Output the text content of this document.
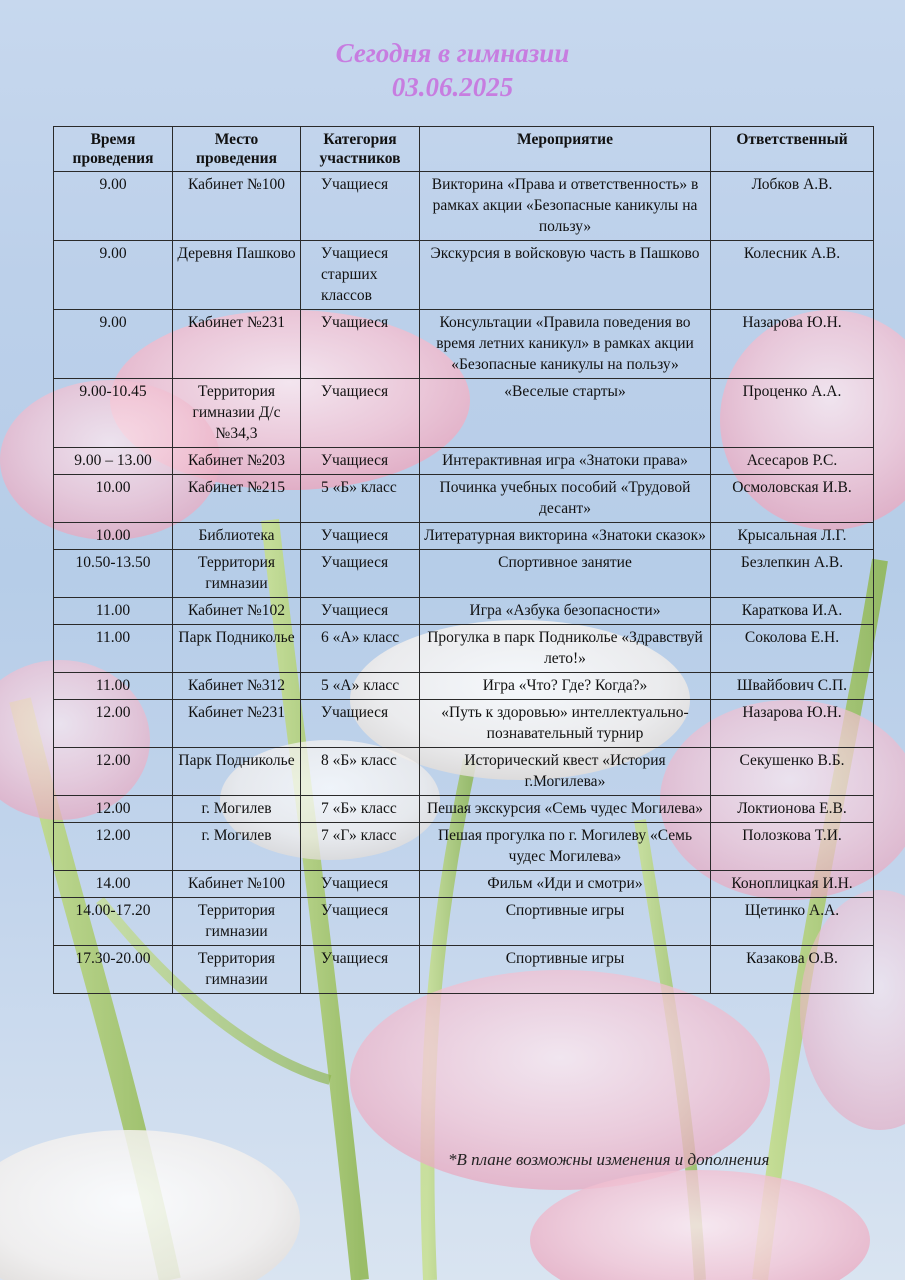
Сегодня в гимназии
03.06.2025
Время проведения	Место проведения	Категория участников	Мероприятие	Ответственный
9.00	Кабинет №100	Учащиеся	Викторина «Права и ответственность» в рамках акции «Безопасные каникулы на пользу»	Лобков А.В.
9.00	Деревня Пашково	Учащиеся старших классов	Экскурсия в войсковую часть в Пашково	Колесник А.В.
9.00	Кабинет №231	Учащиеся	Консультации «Правила поведения во время летних каникул» в рамках акции «Безопасные каникулы на пользу»	Назарова Ю.Н.
9.00-10.45	Территория гимназии Д/с №34,3	Учащиеся	«Веселые старты»	Проценко А.А.
9.00 – 13.00	Кабинет №203	Учащиеся	Интерактивная игра «Знатоки права»	Асесаров Р.С.
10.00	Кабинет №215	5 «Б» класс	Починка учебных пособий «Трудовой десант»	Осмоловская И.В.
10.00	Библиотека	Учащиеся	Литературная викторина «Знатоки сказок»	Крысальная Л.Г.
10.50-13.50	Территория гимназии	Учащиеся	Спортивное занятие	Безлепкин А.В.
11.00	Кабинет №102	Учащиеся	Игра «Азбука безопасности»	Караткова И.А.
11.00	Парк Подниколье	6 «А» класс	Прогулка в парк Подниколье «Здравствуй лето!»	Соколова Е.Н.
11.00	Кабинет №312	5 «А» класс	Игра «Что? Где? Когда?»	Швайбович С.П.
12.00	Кабинет №231	Учащиеся	«Путь к здоровью» интеллектуально-познавательный турнир	Назарова Ю.Н.
12.00	Парк Подниколье	8 «Б» класс	Исторический квест «История г.Могилева»	Секушенко В.Б.
12.00	г. Могилев	7 «Б» класс	Пешая экскурсия «Семь чудес Могилева»	Локтионова Е.В.
12.00	г. Могилев	7 «Г» класс	Пешая прогулка по г. Могилеву «Семь чудес Могилева»	Полозкова Т.И.
14.00	Кабинет №100	Учащиеся	Фильм «Иди и смотри»	Коноплицкая И.Н.
14.00-17.20	Территория гимназии	Учащиеся	Спортивные игры	Щетинко А.А.
17.30-20.00	Территория гимназии	Учащиеся	Спортивные игры	Казакова О.В.
*В плане возможны изменения и дополнения
